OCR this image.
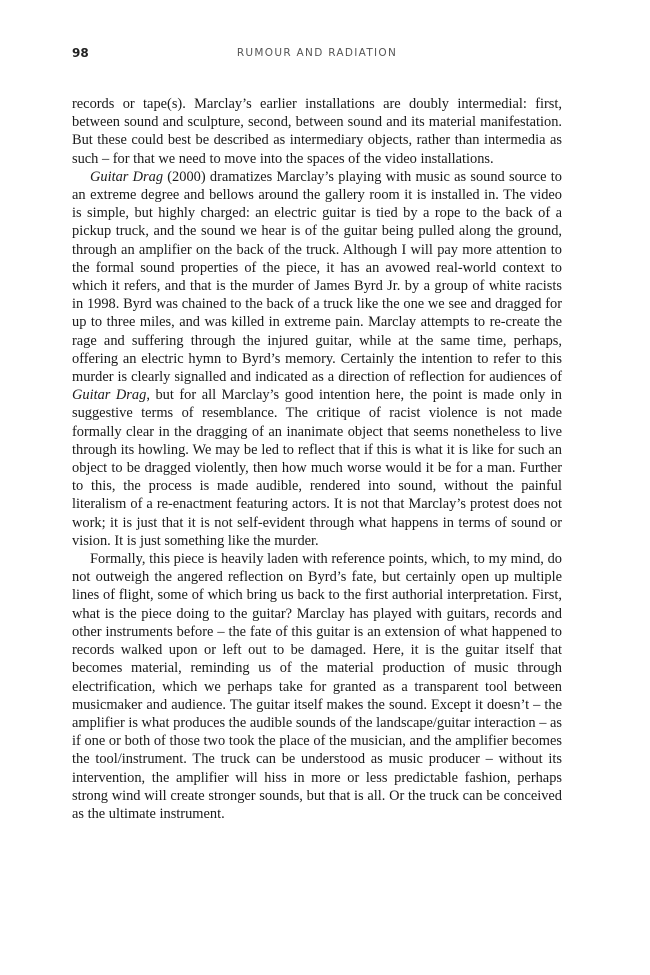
98	RUMOUR AND RADIATION

records or tape(s). Marclay’s earlier installations are doubly intermedial: first, between sound and sculpture, second, between sound and its material manifestation. But these could best be described as intermediary objects, rather than intermedia as such – for that we need to move into the spaces of the video installations.

Guitar Drag (2000) dramatizes Marclay’s playing with music as sound source to an extreme degree and bellows around the gallery room it is installed in. The video is simple, but highly charged: an electric guitar is tied by a rope to the back of a pickup truck, and the sound we hear is of the guitar being pulled along the ground, through an amplifier on the back of the truck. Although I will pay more attention to the formal sound properties of the piece, it has an avowed real-world context to which it refers, and that is the murder of James Byrd Jr. by a group of white racists in 1998. Byrd was chained to the back of a truck like the one we see and dragged for up to three miles, and was killed in extreme pain. Marclay attempts to re-create the rage and suffering through the injured guitar, while at the same time, perhaps, offering an electric hymn to Byrd’s memory. Certainly the intention to refer to this murder is clearly signalled and indicated as a direction of reflection for audiences of Guitar Drag, but for all Marclay’s good intention here, the point is made only in suggestive terms of resemblance. The critique of racist violence is not made formally clear in the dragging of an inanimate object that seems nonetheless to live through its howling. We may be led to reflect that if this is what it is like for such an object to be dragged violently, then how much worse would it be for a man. Further to this, the process is made audible, rendered into sound, without the painful literalism of a re-enactment featuring actors. It is not that Marclay’s protest does not work; it is just that it is not self-evident through what happens in terms of sound or vision. It is just something like the murder.

Formally, this piece is heavily laden with reference points, which, to my mind, do not outweigh the angered reflection on Byrd’s fate, but certainly open up multiple lines of flight, some of which bring us back to the first authorial interpretation. First, what is the piece doing to the guitar? Marclay has played with guitars, records and other instruments before – the fate of this guitar is an extension of what happened to records walked upon or left out to be damaged. Here, it is the guitar itself that becomes material, reminding us of the material production of music through electrification, which we perhaps take for granted as a transparent tool between musicmaker and audience. The guitar itself makes the sound. Except it doesn’t – the amplifier is what produces the audible sounds of the landscape/guitar interaction – as if one or both of those two took the place of the musician, and the amplifier becomes the tool/instrument. The truck can be understood as music producer – without its intervention, the amplifier will hiss in more or less predictable fashion, perhaps strong wind will create stronger sounds, but that is all. Or the truck can be conceived as the ultimate instrument.
